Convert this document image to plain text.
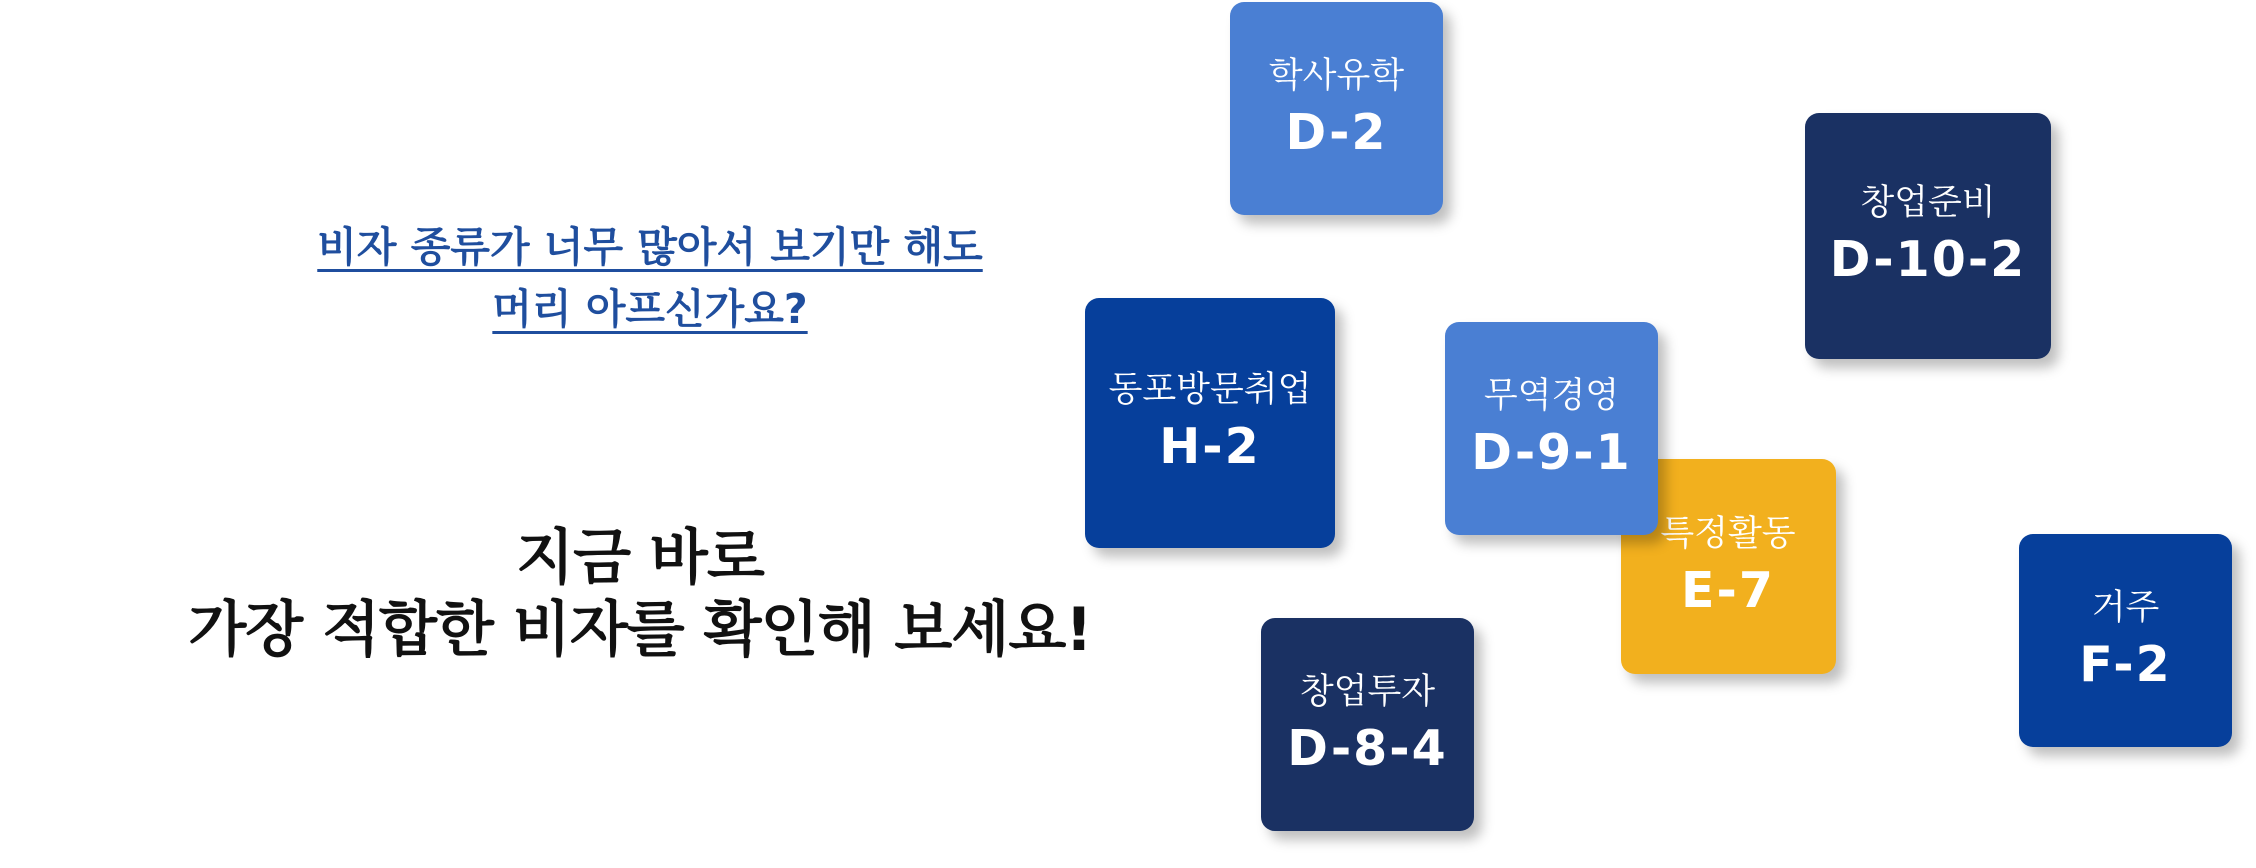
비자 종류가 너무 많아서 보기만 해도
머리 아프신가요?
지금 바로
가장 적합한 비자를 확인해 보세요!
학사유학
D-2
창업준비
D-10-2
동포방문취업
H-2
특정활동
E-7
무역경영
D-9-1
거주
F-2
창업투자
D-8-4
